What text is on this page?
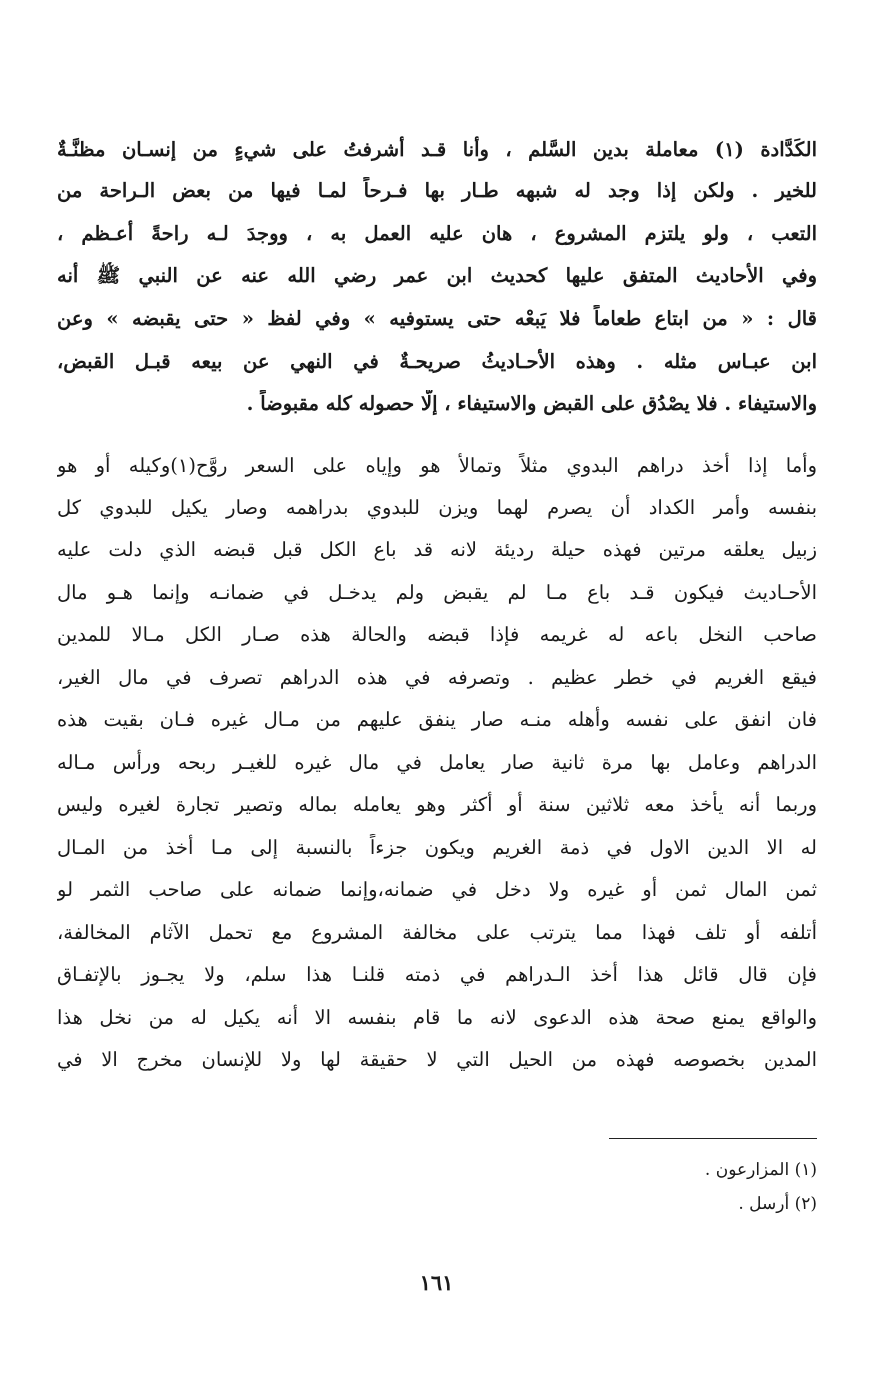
الكَدَّادة (١) معاملة بدين السَّلم ، وأنا قـد أشرفتُ على شيءٍ من إنسـان مظنَّـةٌ
للخير . ولكن إذا وجد له شبهه طـار بها فـرحاً لمـا فيها من بعض الـراحة من
التعب ، ولو يلتزم المشروع ، هان عليه العمل به ، ووجدَ لـه راحةً أعـظم ،
وفي الأحاديث المتفق عليها كحديث ابن عمر رضي الله عنه عن النبي ﷺ أنه
قال : « من ابتاع طعاماً فلا يَبعْه حتى يستوفيه » وفي لفظ « حتى يقبضه » وعن
ابن عبـاس مثله . وهذه الأحـاديثُ صريحـةٌ في النهي عن بيعه قبـل القبض،
والاستيفاء . فلا يصْدُق على القبض والاستيفاء ، إلَّا حصوله كله مقبوضاً .
وأما إذا أخذ دراهم البدوي مثلاً وتمالأ هو وإياه على السعر روَّح(١)وكيله أو هو
بنفسه وأمر الكداد أن يصرم لهما ويزن للبدوي بدراهمه وصار يكيل للبدوي كل
زبيل يعلقه مرتين فهذه حيلة رديئة لانه قد باع الكل قبل قبضه الذي دلت عليه
الأحـاديث فيكون قـد باع مـا لم يقبض ولم يدخـل في ضمانـه وإنما هـو مال
صاحب النخل باعه له غريمه فإذا قبضه والحالة هذه صـار الكل مـالا للمدين
فيقع الغريم في خطر عظيم . وتصرفه في هذه الدراهم تصرف في مال الغير،
فان انفق على نفسه وأهله منـه صار ينفق عليهم من مـال غيره فـان بقيت هذه
الدراهم وعامل بها مرة ثانية صار يعامل في مال غيره للغيـر ربحه ورأس مـاله
وربما أنه يأخذ معه ثلاثين سنة أو أكثر وهو يعامله بماله وتصير تجارة لغيره وليس
له الا الدين الاول في ذمة الغريم ويكون جزءاً بالنسبة إلى مـا أخذ من المـال
ثمن المال ثمن أو غيره ولا دخل في ضمانه،وإنما ضمانه على صاحب الثمر لو
أتلفه أو تلف فهذا مما يترتب على مخالفة المشروع مع تحمل الآثام المخالفة،
فإن قال قائل هذا أخذ الـدراهم في ذمته قلنـا هذا سلم، ولا يجـوز بالإتفـاق
والواقع يمنع صحة هذه الدعوى لانه ما قام بنفسه الا أنه يكيل له من نخل هذا
المدين بخصوصه فهذه من الحيل التي لا حقيقة لها ولا للإنسان مخرج الا في
(١) المزارعون .
(٢) أرسل .
١٦١
